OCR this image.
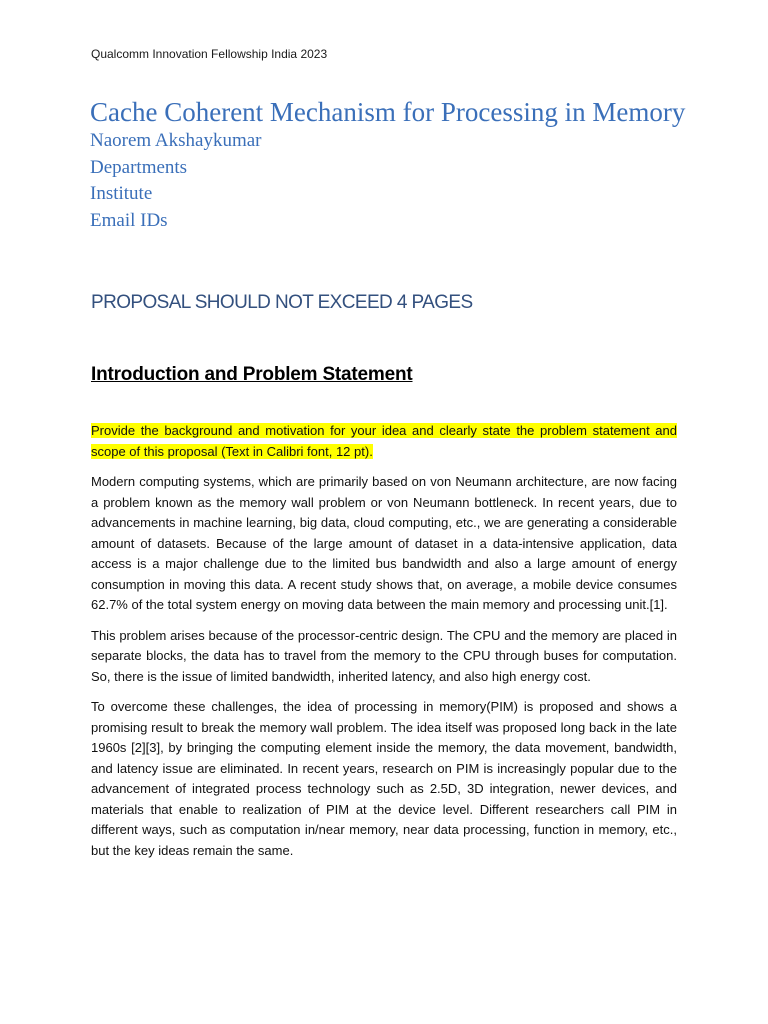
Qualcomm Innovation Fellowship India 2023
Cache Coherent Mechanism for Processing in Memory
Naorem Akshaykumar
Departments
Institute
Email IDs
PROPOSAL SHOULD NOT EXCEED 4 PAGES
Introduction and Problem Statement

Provide the background and motivation for your idea and clearly state the problem statement and scope of this proposal (Text in Calibri font, 12 pt).

Modern computing systems, which are primarily based on von Neumann architecture, are now facing a problem known as the memory wall problem or von Neumann bottleneck. In recent years, due to advancements in machine learning, big data, cloud computing, etc., we are generating a considerable amount of datasets. Because of the large amount of dataset in a data-intensive application, data access is a major challenge due to the limited bus bandwidth and also a large amount of energy consumption in moving this data. A recent study shows that, on average, a mobile device consumes 62.7% of the total system energy on moving data between the main memory and processing unit.[1].

This problem arises because of the processor-centric design. The CPU and the memory are placed in separate blocks, the data has to travel from the memory to the CPU through buses for computation. So, there is the issue of limited bandwidth, inherited latency, and also high energy cost.

To overcome these challenges, the idea of processing in memory(PIM) is proposed and shows a promising result to break the memory wall problem. The idea itself was proposed long back in the late 1960s [2][3], by bringing the computing element inside the memory, the data movement, bandwidth, and latency issue are eliminated. In recent years, research on PIM is increasingly popular due to the advancement of integrated process technology such as 2.5D, 3D integration, newer devices, and materials that enable to realization of PIM at the device level. Different researchers call PIM in different ways, such as computation in/near memory, near data processing, function in memory, etc., but the key ideas remain the same.
